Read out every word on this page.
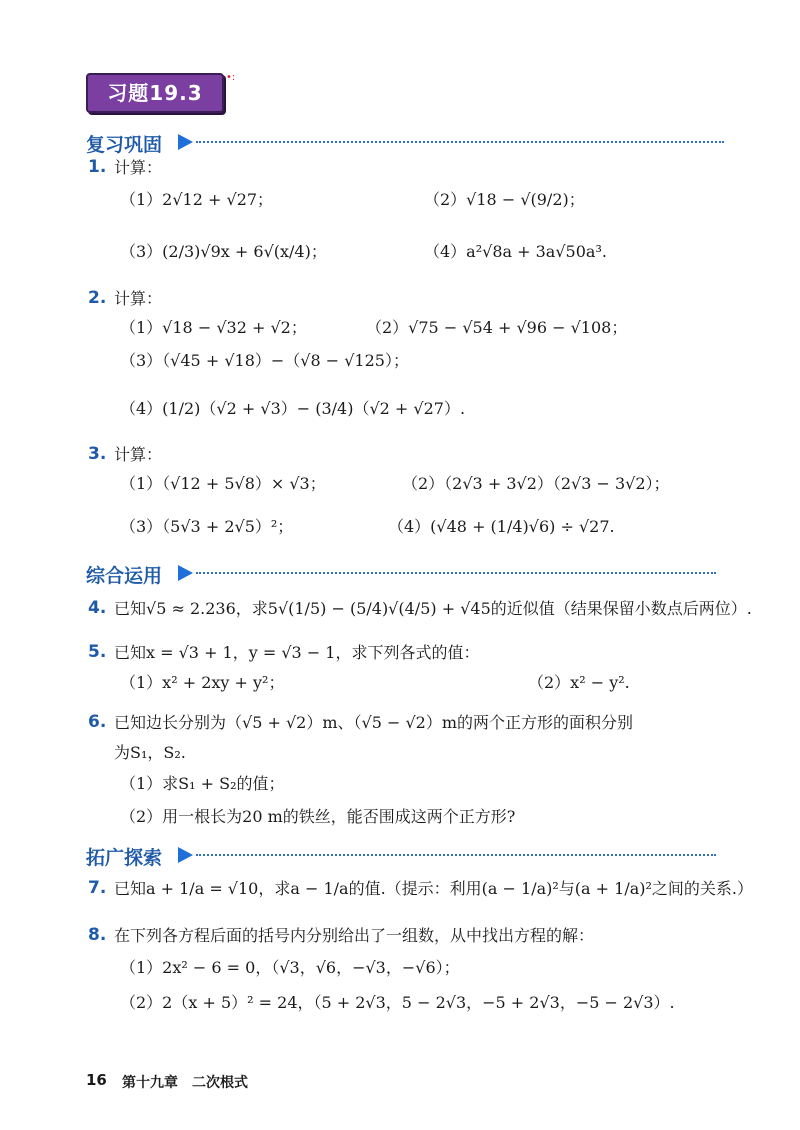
习题19.3
•:
复习巩固
1. 计算：
（1）2√12 + √27；	（2）√18 − √(9/2)；
（3）(2/3)√9x + 6√(x/4)；	（4）a²√8a + 3a√50a³.
2. 计算：
（1）√18 − √32 + √2；	（2）√75 − √54 + √96 − √108；
（3）（√45 + √18）−（√8 − √125）；
（4）(1/2)（√2 + √3）− (3/4)（√2 + √27）.
3. 计算：
（1）（√12 + 5√8）× √3；	（2）（2√3 + 3√2）（2√3 − 3√2）；
（3）（5√3 + 2√5）²；	（4）(√48 + (1/4)√6) ÷ √27.
综合运用
4. 已知√5 ≈ 2.236，求5√(1/5) − (5/4)√(4/5) + √45的近似值（结果保留小数点后两位）.
5. 已知x = √3 + 1，y = √3 − 1，求下列各式的值：
（1）x² + 2xy + y²；	（2）x² − y².
6. 已知边长分别为（√5 + √2）m、（√5 − √2）m的两个正方形的面积分别
为S₁，S₂.
（1）求S₁ + S₂的值；
（2）用一根长为20 m的铁丝，能否围成这两个正方形?
拓广探索
7. 已知a + 1/a = √10，求a − 1/a的值.（提示：利用(a − 1/a)²与(a + 1/a)²之间的关系.）
8. 在下列各方程后面的括号内分别给出了一组数，从中找出方程的解：
（1）2x² − 6 = 0，（√3，√6，−√3，−√6）；
（2）2（x + 5）² = 24，（5 + 2√3，5 − 2√3，−5 + 2√3，−5 − 2√3）.
16 第十九章　二次根式
